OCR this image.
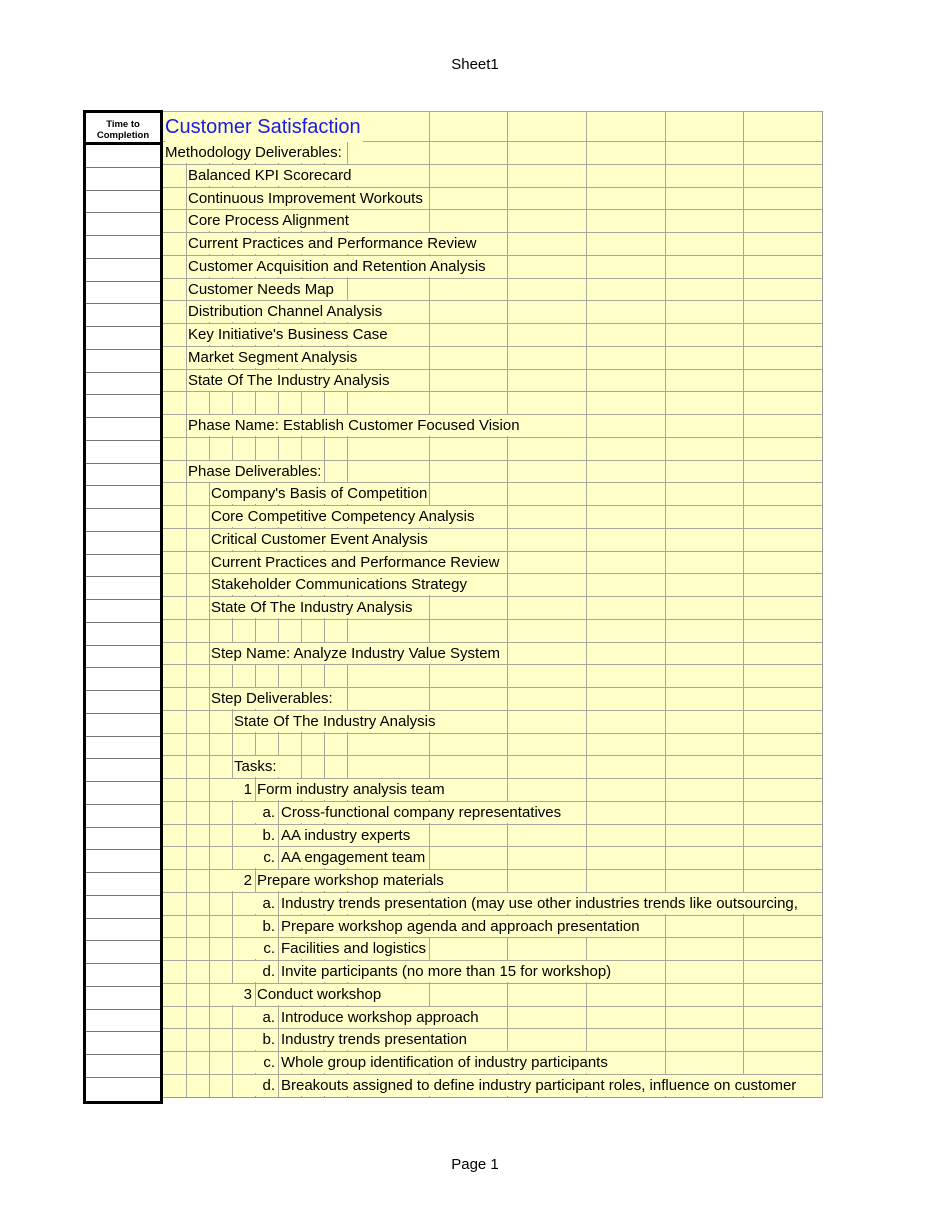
Sheet1
Time to
Completion Customer Satisfaction
Methodology Deliverables:
Balanced KPI Scorecard
Continuous Improvement Workouts
Core Process Alignment
Current Practices and Performance Review
Customer Acquisition and Retention Analysis
Customer Needs Map
Distribution Channel Analysis
Key Initiative's Business Case
Market Segment Analysis
State Of The Industry Analysis
Phase Name: Establish Customer Focused Vision
Phase Deliverables:
Company's Basis of Competition
Core Competitive Competency Analysis
Critical Customer Event Analysis
Current Practices and Performance Review
Stakeholder Communications Strategy
State Of The Industry Analysis
Step Name: Analyze Industry Value System
Step Deliverables:
State Of The Industry Analysis
Tasks:
1 Form industry analysis team
a. Cross-functional company representatives
b. AA industry experts
c. AA engagement team
2 Prepare workshop materials
a. Industry trends presentation (may use other industries trends like outsourcing,
b. Prepare workshop agenda and approach presentation
c. Facilities and logistics
d. Invite participants (no more than 15 for workshop)
3 Conduct workshop
a. Introduce workshop approach
b. Industry trends presentation
c. Whole group identification of industry participants
d. Breakouts assigned to define industry participant roles, influence on customer
Page 1
